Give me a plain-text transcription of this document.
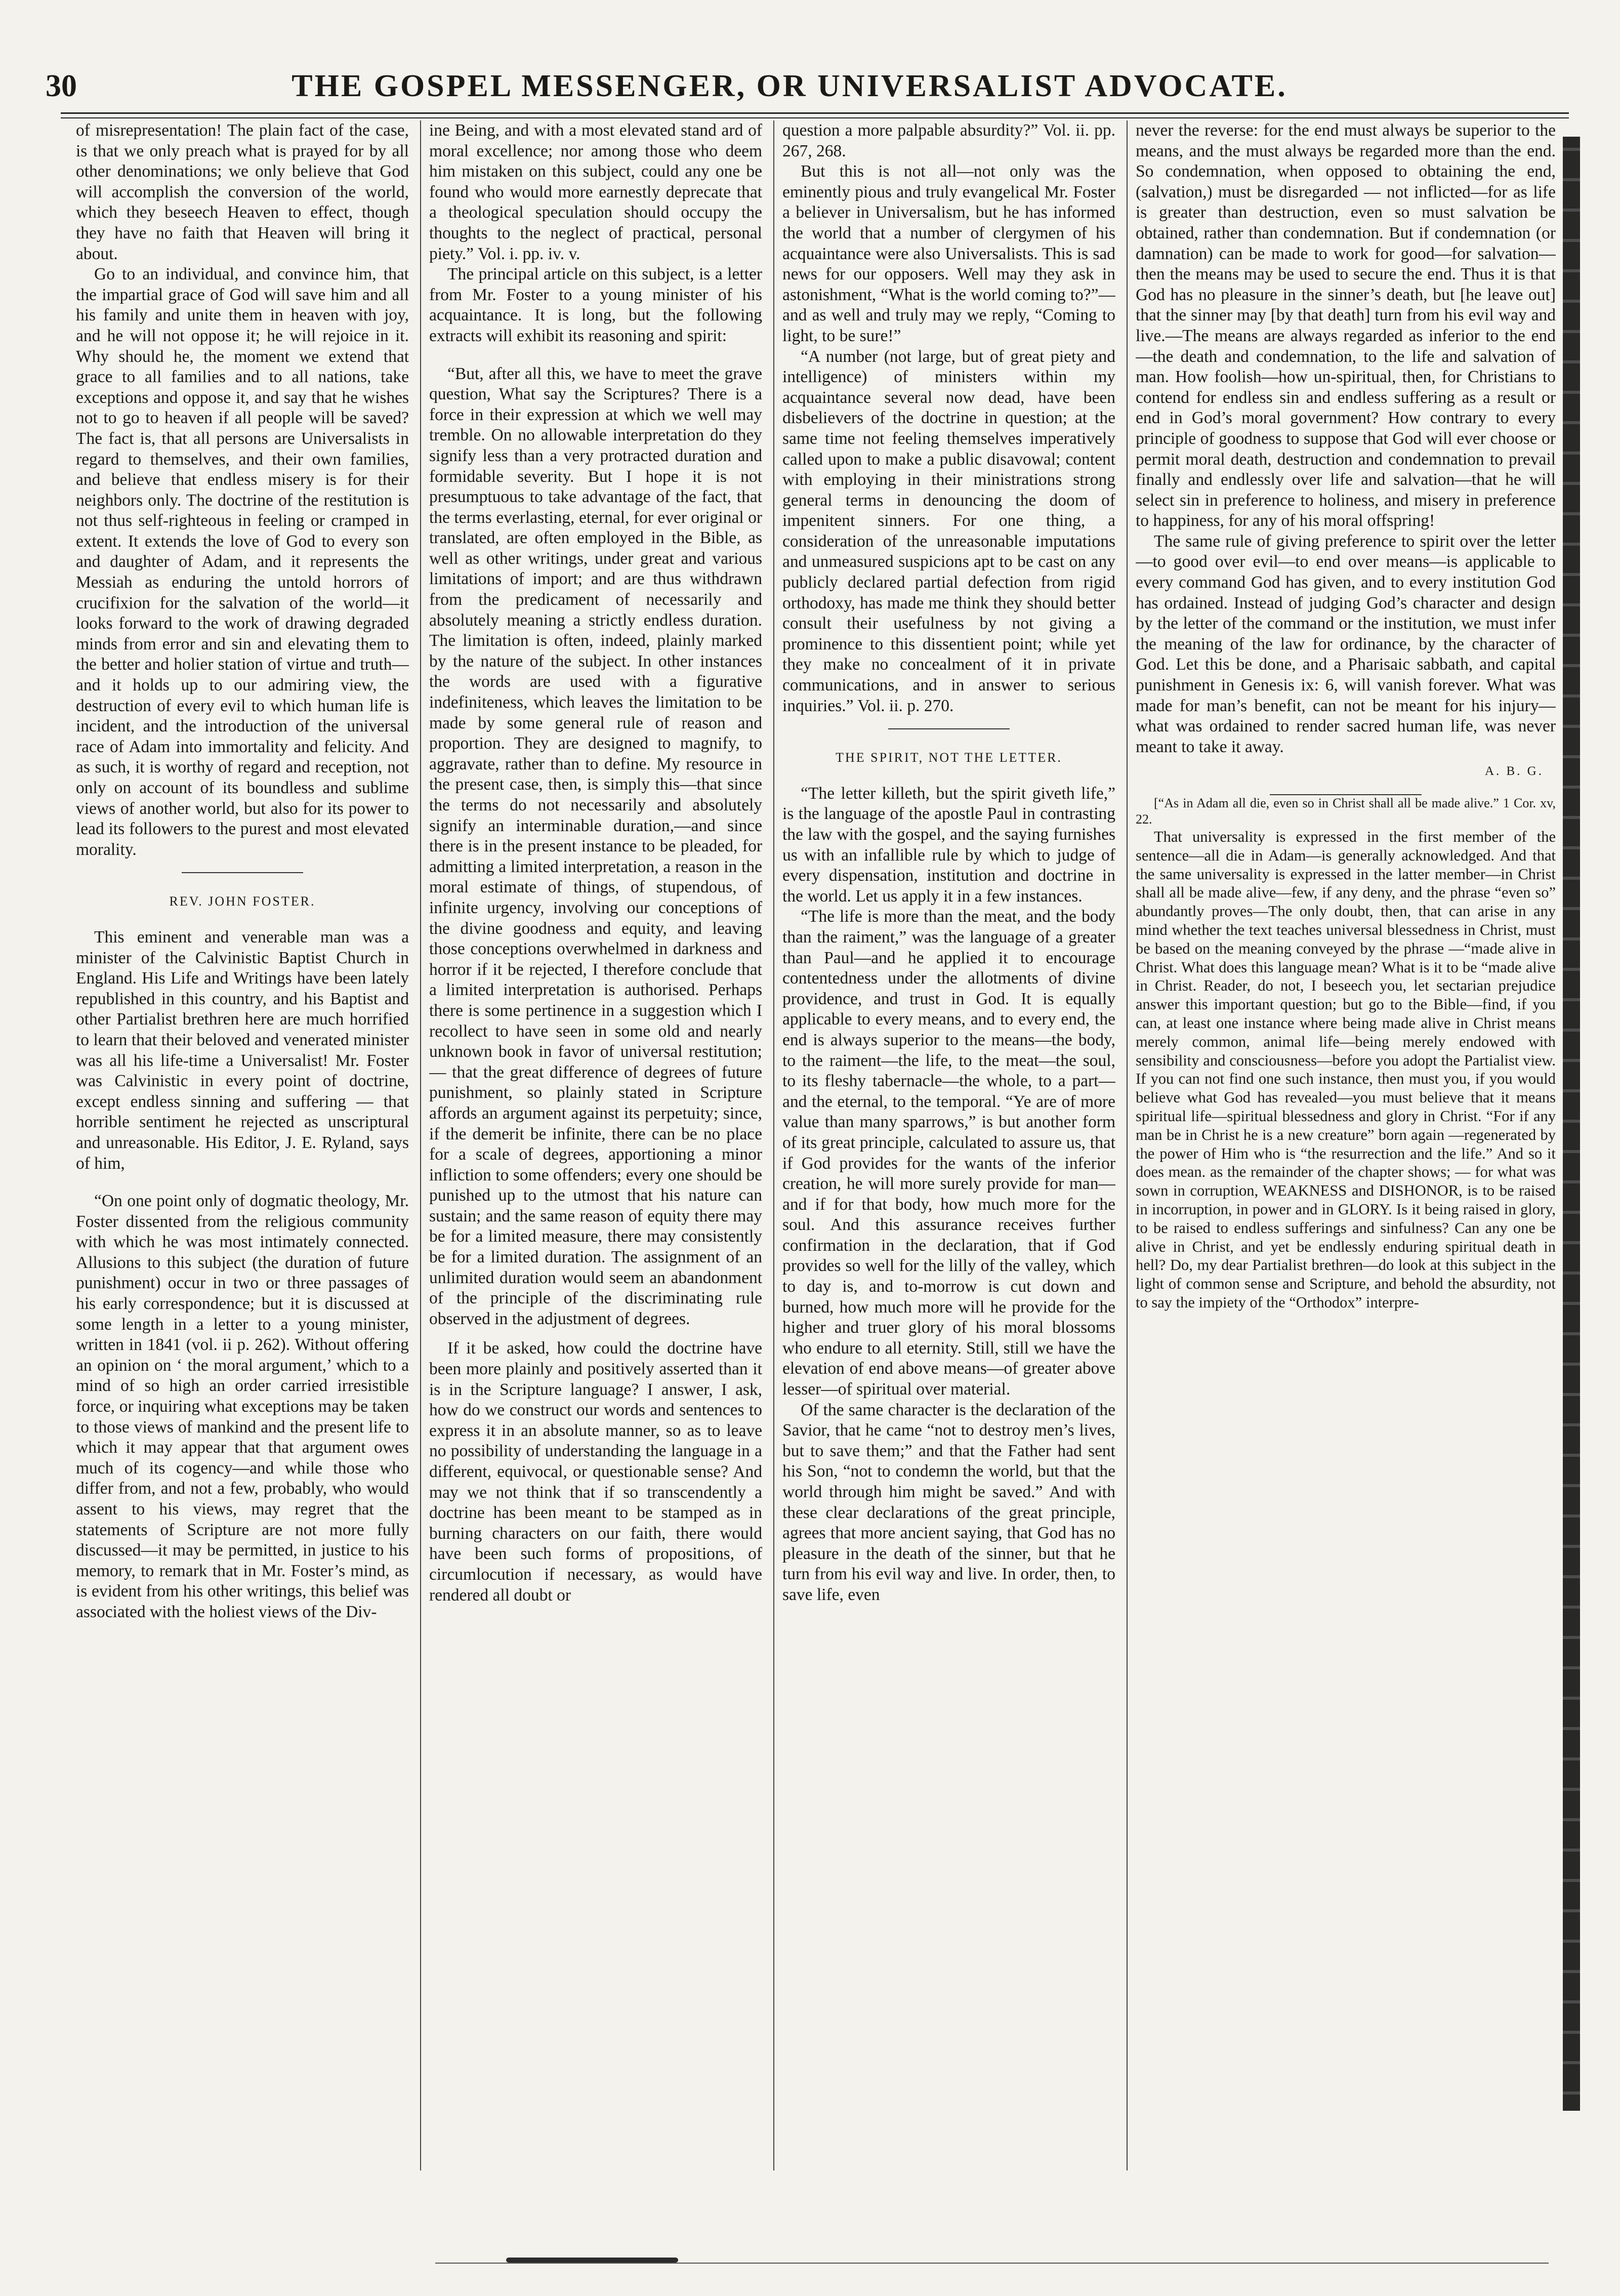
30	THE GOSPEL MESSENGER, OR UNIVERSALIST ADVOCATE.

of misrepresentation! The plain fact of the case, is that we only preach what is prayed for by all other denominations; we only believe that God will accomplish the conversion of the world, which they beseech Heaven to effect, though they have no faith that Heaven will bring it about.

Go to an individual, and convince him, that the impartial grace of God will save him and all his family and unite them in heaven with joy, and he will not oppose it; he will rejoice in it. Why should he, the moment we extend that grace to all families and to all nations, take exceptions and oppose it, and say that he wishes not to go to heaven if all people will be saved? The fact is, that all persons are Universalists in regard to themselves, and their own families, and believe that endless misery is for their neighbors only. The doctrine of the restitution is not thus self-righteous in feeling or cramped in extent. It extends the love of God to every son and daughter of Adam, and it represents the Messiah as enduring the untold horrors of crucifixion for the salvation of the world—it looks forward to the work of drawing degraded minds from error and sin and elevating them to the better and holier station of virtue and truth—and it holds up to our admiring view, the destruction of every evil to which human life is incident, and the introduction of the universal race of Adam into immortality and felicity. And as such, it is worthy of regard and reception, not only on account of its boundless and sublime views of another world, but also for its power to lead its followers to the purest and most elevated morality.

REV. JOHN FOSTER.

This eminent and venerable man was a minister of the Calvinistic Baptist Church in England. His Life and Writings have been lately republished in this country, and his Baptist and other Partialist brethren here are much horrified to learn that their beloved and venerated minister was all his life-time a Universalist! Mr. Foster was Calvinistic in every point of doctrine, except endless sinning and suffering — that horrible sentiment he rejected as unscriptural and unreasonable. His Editor, J. E. Ryland, says of him,

“On one point only of dogmatic theology, Mr. Foster dissented from the religious community with which he was most intimately connected. Allusions to this subject (the duration of future punishment) occur in two or three passages of his early correspondence; but it is discussed at some length in a letter to a young minister, written in 1841 (vol. ii p. 262). Without offering an opinion on ‘ the moral argument,’ which to a mind of so high an order carried irresistible force, or inquiring what exceptions may be taken to those views of mankind and the present life to which it may appear that that argument owes much of its cogency—and while those who differ from, and not a few, probably, who would assent to his views, may regret that the statements of Scripture are not more fully discussed—it may be permitted, in justice to his memory, to remark that in Mr. Foster’s mind, as is evident from his other writings, this belief was associated with the holiest views of the Div-

ine Being, and with a most elevated stand ard of moral excellence; nor among those who deem him mistaken on this subject, could any one be found who would more earnestly deprecate that a theological speculation should occupy the thoughts to the neglect of practical, personal piety.” Vol. i. pp. iv. v.

The principal article on this subject, is a letter from Mr. Foster to a young minister of his acquaintance. It is long, but the following extracts will exhibit its reasoning and spirit:

“But, after all this, we have to meet the grave question, What say the Scriptures? There is a force in their expression at which we well may tremble. On no allowable interpretation do they signify less than a very protracted duration and formidable severity. But I hope it is not presumptuous to take advantage of the fact, that the terms everlasting, eternal, for ever original or translated, are often employed in the Bible, as well as other writings, under great and various limitations of import; and are thus withdrawn from the predicament of necessarily and absolutely meaning a strictly endless duration. The limitation is often, indeed, plainly marked by the nature of the subject. In other instances the words are used with a figurative indefiniteness, which leaves the limitation to be made by some general rule of reason and proportion. They are designed to magnify, to aggravate, rather than to define. My resource in the present case, then, is simply this—that since the terms do not necessarily and absolutely signify an interminable duration,—and since there is in the present instance to be pleaded, for admitting a limited interpretation, a reason in the moral estimate of things, of stupendous, of infinite urgency, involving our conceptions of the divine goodness and equity, and leaving those conceptions overwhelmed in darkness and horror if it be rejected, I therefore conclude that a limited interpretation is authorised. Perhaps there is some pertinence in a suggestion which I recollect to have seen in some old and nearly unknown book in favor of universal restitution; — that the great difference of degrees of future punishment, so plainly stated in Scripture affords an argument against its perpetuity; since, if the demerit be infinite, there can be no place for a scale of degrees, apportioning a minor infliction to some offenders; every one should be punished up to the utmost that his nature can sustain; and the same reason of equity there may be for a limited measure, there may consistently be for a limited duration. The assignment of an unlimited duration would seem an abandonment of the principle of the discriminating rule observed in the adjustment of degrees.

If it be asked, how could the doctrine have been more plainly and positively asserted than it is in the Scripture language? I answer, I ask, how do we construct our words and sentences to express it in an absolute manner, so as to leave no possibility of understanding the language in a different, equivocal, or questionable sense? And may we not think that if so transcendently a doctrine has been meant to be stamped as in burning characters on our faith, there would have been such forms of propositions, of circumlocution if necessary, as would have rendered all doubt or

question a more palpable absurdity?” Vol. ii. pp. 267, 268.

But this is not all—not only was the eminently pious and truly evangelical Mr. Foster a believer in Universalism, but he has informed the world that a number of clergymen of his acquaintance were also Universalists. This is sad news for our opposers. Well may they ask in astonishment, “What is the world coming to?”—and as well and truly may we reply, “Coming to light, to be sure!”

“A number (not large, but of great piety and intelligence) of ministers within my acquaintance several now dead, have been disbelievers of the doctrine in question; at the same time not feeling themselves imperatively called upon to make a public disavowal; content with employing in their ministrations strong general terms in denouncing the doom of impenitent sinners. For one thing, a consideration of the unreasonable imputations and unmeasured suspicions apt to be cast on any publicly declared partial defection from rigid orthodoxy, has made me think they should better consult their usefulness by not giving a prominence to this dissentient point; while yet they make no concealment of it in private communications, and in answer to serious inquiries.” Vol. ii. p. 270.

THE SPIRIT, NOT THE LETTER.

“The letter killeth, but the spirit giveth life,” is the language of the apostle Paul in contrasting the law with the gospel, and the saying furnishes us with an infallible rule by which to judge of every dispensation, institution and doctrine in the world. Let us apply it in a few instances.

“The life is more than the meat, and the body than the raiment,” was the language of a greater than Paul—and he applied it to encourage contentedness under the allotments of divine providence, and trust in God. It is equally applicable to every means, and to every end, the end is always superior to the means—the body, to the raiment—the life, to the meat—the soul, to its fleshy tabernacle—the whole, to a part—and the eternal, to the temporal. “Ye are of more value than many sparrows,” is but another form of its great principle, calculated to assure us, that if God provides for the wants of the inferior creation, he will more surely provide for man—and if for that body, how much more for the soul. And this assurance receives further confirmation in the declaration, that if God provides so well for the lilly of the valley, which to day is, and to-morrow is cut down and burned, how much more will he provide for the higher and truer glory of his moral blossoms who endure to all eternity. Still, still we have the elevation of end above means—of greater above lesser—of spiritual over material.

Of the same character is the declaration of the Savior, that he came “not to destroy men’s lives, but to save them;” and that the Father had sent his Son, “not to condemn the world, but that the world through him might be saved.” And with these clear declarations of the great principle, agrees that more ancient saying, that God has no pleasure in the death of the sinner, but that he turn from his evil way and live. In order, then, to save life, even

never the reverse: for the end must always be superior to the means, and the must always be regarded more than the end. So condemnation, when opposed to obtaining the end, (salvation,) must be disregarded — not inflicted—for as life is greater than destruction, even so must salvation be obtained, rather than condemnation. But if condemnation (or damnation) can be made to work for good—for salvation—then the means may be used to secure the end. Thus it is that God has no pleasure in the sinner’s death, but [he leave out] that the sinner may [by that death] turn from his evil way and live.—The means are always regarded as inferior to the end—the death and condemnation, to the life and salvation of man. How foolish—how un-spiritual, then, for Christians to contend for endless sin and endless suffering as a result or end in God’s moral government? How contrary to every principle of goodness to suppose that God will ever choose or permit moral death, destruction and condemnation to prevail finally and endlessly over life and salvation—that he will select sin in preference to holiness, and misery in preference to happiness, for any of his moral offspring!

The same rule of giving preference to spirit over the letter—to good over evil—to end over means—is applicable to every command God has given, and to every institution God has ordained. Instead of judging God’s character and design by the letter of the command or the institution, we must infer the meaning of the law for ordinance, by the character of God. Let this be done, and a Pharisaic sabbath, and capital punishment in Genesis ix: 6, will vanish forever. What was made for man’s benefit, can not be meant for his injury—what was ordained to render sacred human life, was never meant to take it away.

A. B. G.

[“As in Adam all die, even so in Christ shall all be made alive.” 1 Cor. xv, 22.

That universality is expressed in the first member of the sentence—all die in Adam—is generally acknowledged. And that the same universality is expressed in the latter member—in Christ shall all be made alive—few, if any deny, and the phrase “even so” abundantly proves—The only doubt, then, that can arise in any mind whether the text teaches universal blessedness in Christ, must be based on the meaning conveyed by the phrase —“made alive in Christ. What does this language mean? What is it to be “made alive in Christ. Reader, do not, I beseech you, let sectarian prejudice answer this important question; but go to the Bible—find, if you can, at least one instance where being made alive in Christ means merely common, animal life—being merely endowed with sensibility and consciousness—before you adopt the Partialist view. If you can not find one such instance, then must you, if you would believe what God has revealed—you must believe that it means spiritual life—spiritual blessedness and glory in Christ. “For if any man be in Christ he is a new creature” born again —regenerated by the power of Him who is “the resurrection and the life.” And so it does mean. as the remainder of the chapter shows; — for what was sown in corruption, WEAKNESS and DISHONOR, is to be raised in incorruption, in power and in GLORY. Is it being raised in glory, to be raised to endless sufferings and sinfulness? Can any one be alive in Christ, and yet be endlessly enduring spiritual death in hell? Do, my dear Partialist brethren—do look at this subject in the light of common sense and Scripture, and behold the absurdity, not to say the impiety of the “Orthodox” interpre-
